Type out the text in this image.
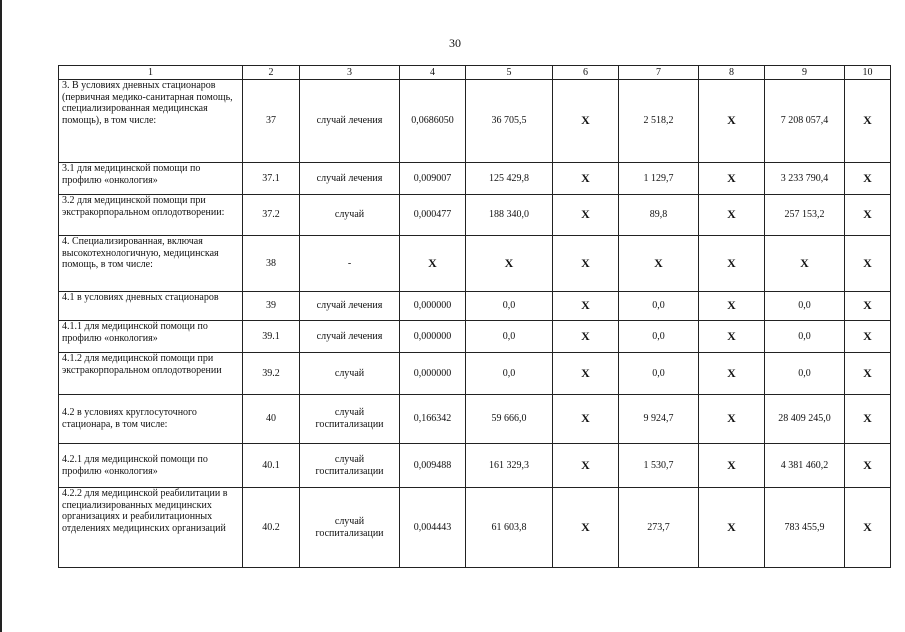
30
1	2	3	4	5	6	7	8	9	10
3. В условиях дневных стационаров (первичная медико-санитарная помощь, специализированная медицинская помощь), в том числе:	37	случай лечения	0,0686050	36 705,5	X	2 518,2	X	7 208 057,4	X
3.1 для медицинской помощи по профилю «онкология»	37.1	случай лечения	0,009007	125 429,8	X	1 129,7	X	3 233 790,4	X
3.2 для медицинской помощи при экстракорпоральном оплодотворении:	37.2	случай	0,000477	188 340,0	X	89,8	X	257 153,2	X
4. Специализированная, включая высокотехнологичную, медицинская помощь, в том числе:	38	-	X	X	X	X	X	X	X
4.1 в условиях дневных стационаров	39	случай лечения	0,000000	0,0	X	0,0	X	0,0	X
4.1.1 для медицинской помощи по профилю «онкология»	39.1	случай лечения	0,000000	0,0	X	0,0	X	0,0	X
4.1.2 для медицинской помощи при экстракорпоральном оплодотворении	39.2	случай	0,000000	0,0	X	0,0	X	0,0	X
4.2 в условиях круглосуточного стационара, в том числе:	40	случай госпитализации	0,166342	59 666,0	X	9 924,7	X	28 409 245,0	X
4.2.1 для медицинской помощи по профилю «онкология»	40.1	случай госпитализации	0,009488	161 329,3	X	1 530,7	X	4 381 460,2	X
4.2.2 для медицинской реабилитации в специализированных медицинских организациях и реабилитационных отделениях медицинских организаций	40.2	случай госпитализации	0,004443	61 603,8	X	273,7	X	783 455,9	X
